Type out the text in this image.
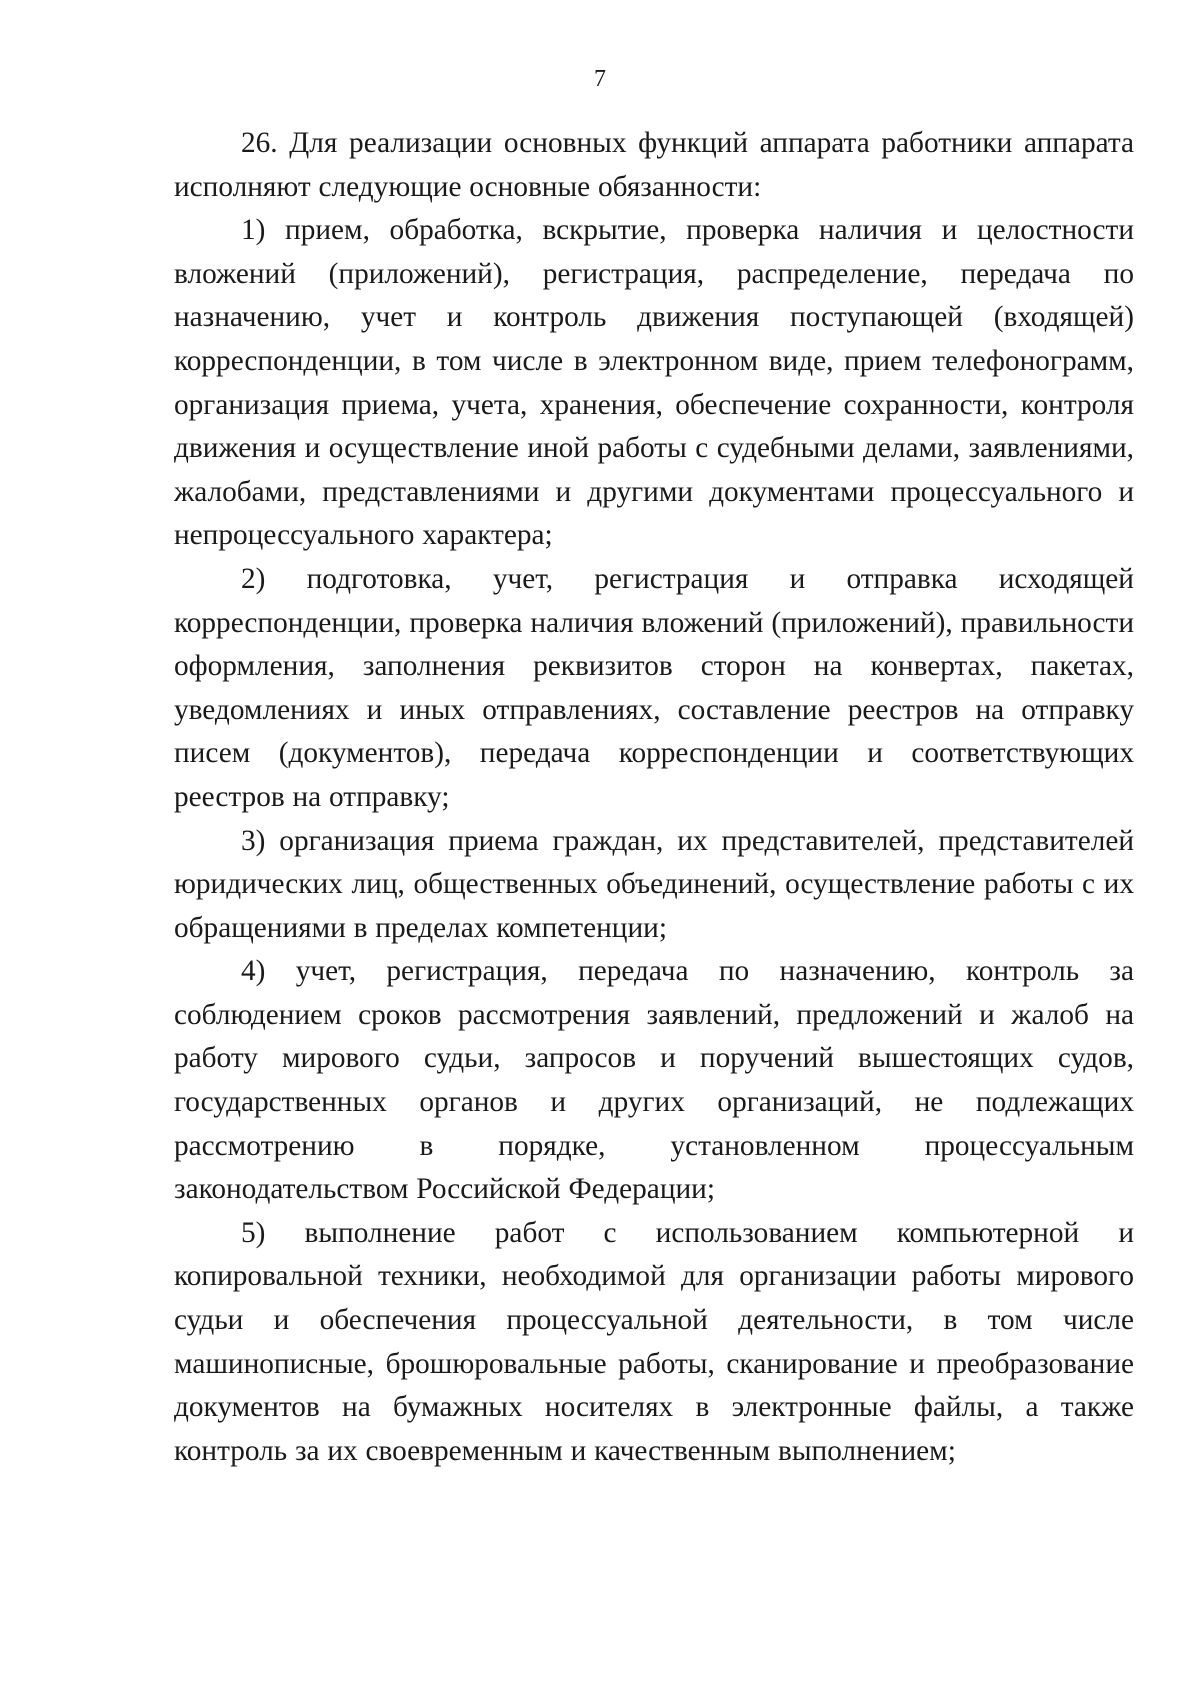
7

26. Для реализации основных функций аппарата работники аппарата исполняют следующие основные обязанности:

1) прием, обработка, вскрытие, проверка наличия и целостности вложений (приложений), регистрация, распределение, передача по назначению, учет и контроль движения поступающей (входящей) корреспонденции, в том числе в электронном виде, прием телефонограмм, организация приема, учета, хранения, обеспечение сохранности, контроля движения и осуществление иной работы с судебными делами, заявлениями, жалобами, представлениями и другими документами процессуального и непроцессуального характера;

2) подготовка, учет, регистрация и отправка исходящей корреспонденции, проверка наличия вложений (приложений), правильности оформления, заполнения реквизитов сторон на конвертах, пакетах, уведомлениях и иных отправлениях, составление реестров на отправку писем (документов), передача корреспонденции и соответствующих реестров на отправку;

3) организация приема граждан, их представителей, представителей юридических лиц, общественных объединений, осуществление работы с их обращениями в пределах компетенции;

4) учет, регистрация, передача по назначению, контроль за соблюдением сроков рассмотрения заявлений, предложений и жалоб на работу мирового судьи, запросов и поручений вышестоящих судов, государственных органов и других организаций, не подлежащих рассмотрению в порядке, установленном процессуальным законодательством Российской Федерации;

5) выполнение работ с использованием компьютерной и копировальной техники, необходимой для организации работы мирового судьи и обеспечения процессуальной деятельности, в том числе машинописные, брошюровальные работы, сканирование и преобразование документов на бумажных носителях в электронные файлы, а также контроль за их своевременным и качественным выполнением;
